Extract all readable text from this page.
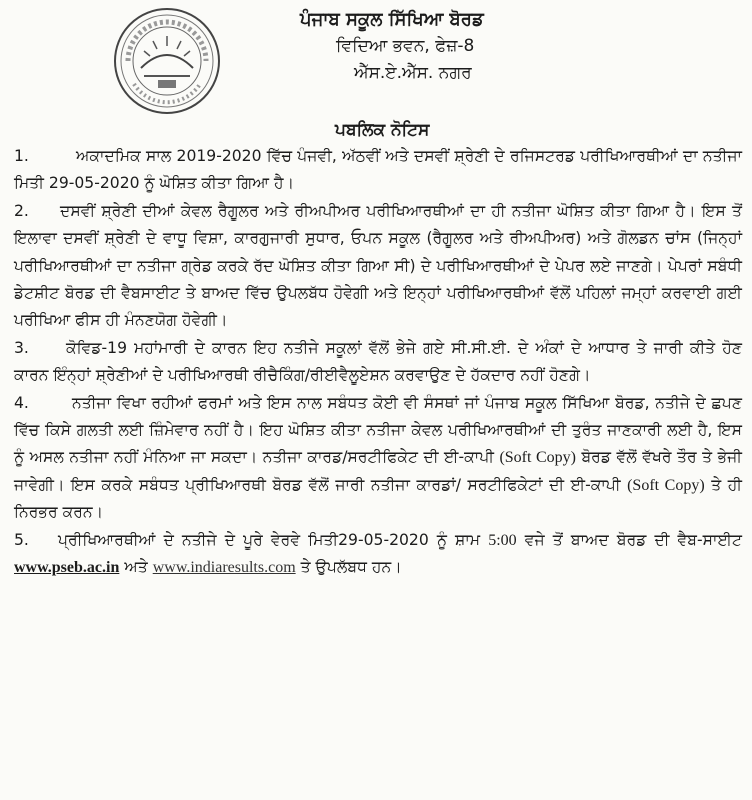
ਪੰਜਾਬ ਸਕੂਲ ਸਿੱਖਿਆ ਬੋਰਡ
ਵਿਦਿਆ ਭਵਨ, ਫੇਜ਼-8
ਐੱਸ.ਏ.ਐੱਸ. ਨਗਰ
ਪਬਲਿਕ ਨੋਟਿਸ

1.	ਅਕਾਦਮਿਕ ਸਾਲ 2019-2020 ਵਿੱਚ ਪੰਜਵੀ, ਅੱਠਵੀਂ ਅਤੇ ਦਸਵੀਂ ਸ਼੍ਰੇਣੀ ਦੇ ਰਜਿਸਟਰਡ ਪਰੀਖਿਆਰਥੀਆਂ ਦਾ ਨਤੀਜਾ ਮਿਤੀ 29-05-2020 ਨੂੰ ਘੋਸ਼ਿਤ ਕੀਤਾ ਗਿਆ ਹੈ।

2. ਦਸਵੀਂ ਸ਼੍ਰੇਣੀ ਦੀਆਂ ਕੇਵਲ ਰੈਗੂਲਰ ਅਤੇ ਰੀਅਪੀਅਰ ਪਰੀਖਿਆਰਥੀਆਂ ਦਾ ਹੀ ਨਤੀਜਾ ਘੋਸ਼ਿਤ ਕੀਤਾ ਗਿਆ ਹੈ। ਇਸ ਤੋਂ ਇਲਾਵਾ ਦਸਵੀਂ ਸ਼੍ਰੇਣੀ ਦੇ ਵਾਧੂ ਵਿਸ਼ਾ, ਕਾਰਗੁਜਾਰੀ ਸੁਧਾਰ, ਓਪਨ ਸਕੂਲ (ਰੈਗੂਲਰ ਅਤੇ ਰੀਅਪੀਅਰ) ਅਤੇ ਗੋਲਡਨ ਚਾਂਸ (ਜਿਨ੍ਹਾਂ ਪਰੀਖਿਆਰਥੀਆਂ ਦਾ ਨਤੀਜਾ ਗ੍ਰੇਡ ਕਰਕੇ ਰੱਦ ਘੋਸ਼ਿਤ ਕੀਤਾ ਗਿਆ ਸੀ) ਦੇ ਪਰੀਖਿਆਰਥੀਆਂ ਦੇ ਪੇਪਰ ਲਏ ਜਾਣਗੇ। ਪੇਪਰਾਂ ਸਬੰਧੀ ਡੇਟਸ਼ੀਟ ਬੋਰਡ ਦੀ ਵੈਬਸਾਈਟ ਤੇ ਬਾਅਦ ਵਿੱਚ ਉਪਲਬੱਧ ਹੋਵੇਗੀ ਅਤੇ ਇਨ੍ਹਾਂ ਪਰੀਖਿਆਰਥੀਆਂ ਵੱਲੋਂ ਪਹਿਲਾਂ ਜਮ੍ਹਾਂ ਕਰਵਾਈ ਗਈ ਪਰੀਖਿਆ ਫੀਸ ਹੀ ਮੰਨਣਯੋਗ ਹੋਵੇਗੀ।

3. ਕੋਵਿਡ-19 ਮਹਾਂਮਾਰੀ ਦੇ ਕਾਰਨ ਇਹ ਨਤੀਜੇ ਸਕੂਲਾਂ ਵੱਲੋਂ ਭੇਜੇ ਗਏ ਸੀ.ਸੀ.ਈ. ਦੇ ਅੰਕਾਂ ਦੇ ਆਧਾਰ ਤੇ ਜਾਰੀ ਕੀਤੇ ਹੋਣ ਕਾਰਨ ਇੰਨ੍ਹਾਂ ਸ਼੍ਰੇਣੀਆਂ ਦੇ ਪਰੀਖਿਆਰਥੀ ਰੀਚੈਕਿੰਗ/ਰੀਈਵੈਲੂਏਸ਼ਨ ਕਰਵਾਉਣ ਦੇ ਹੱਕਦਾਰ ਨਹੀਂ ਹੋਣਗੇ।

4.	ਨਤੀਜਾ ਵਿਖਾ ਰਹੀਆਂ ਫਰਮਾਂ ਅਤੇ ਇਸ ਨਾਲ ਸਬੰਧਤ ਕੋਈ ਵੀ ਸੰਸਥਾਂ ਜਾਂ ਪੰਜਾਬ ਸਕੂਲ ਸਿੱਖਿਆ ਬੋਰਡ, ਨਤੀਜੇ ਦੇ ਛਪਣ ਵਿੱਚ ਕਿਸੇ ਗਲਤੀ ਲਈ ਜ਼ਿੰਮੇਵਾਰ ਨਹੀਂ ਹੈ। ਇਹ ਘੋਸ਼ਿਤ ਕੀਤਾ ਨਤੀਜਾ ਕੇਵਲ ਪਰੀਖਿਆਰਥੀਆਂ ਦੀ ਤੁਰੰਤ ਜਾਣਕਾਰੀ ਲਈ ਹੈ, ਇਸ ਨੂੰ ਅਸਲ ਨਤੀਜਾ ਨਹੀਂ ਮੰਨਿਆ ਜਾ ਸਕਦਾ। ਨਤੀਜਾ ਕਾਰਡ/ਸਰਟੀਫਿਕੇਟ ਦੀ ਈ-ਕਾਪੀ (Soft Copy) ਬੋਰਡ ਵੱਲੋਂ ਵੱਖਰੇ ਤੌਰ ਤੇ ਭੇਜੀ ਜਾਵੇਗੀ। ਇਸ ਕਰਕੇ ਸਬੰਧਤ ਪ੍ਰੀਖਿਆਰਥੀ ਬੋਰਡ ਵੱਲੋਂ ਜਾਰੀ ਨਤੀਜਾ ਕਾਰਡਾਂ/ ਸਰਟੀਫਿਕੇਟਾਂ ਦੀ ਈ-ਕਾਪੀ (Soft Copy) ਤੇ ਹੀ ਨਿਰਭਰ ਕਰਨ।

5. ਪ੍ਰੀਖਿਆਰਥੀਆਂ ਦੇ ਨਤੀਜੇ ਦੇ ਪੂਰੇ ਵੇਰਵੇ ਮਿਤੀ29-05-2020 ਨੂੰ ਸ਼ਾਮ 5:00 ਵਜੇ ਤੋਂ ਬਾਅਦ ਬੋਰਡ ਦੀ ਵੈਬ-ਸਾਈਟ www.pseb.ac.in ਅਤੇ www.indiaresults.com ਤੇ ਉਪਲੱਬਧ ਹਨ।
